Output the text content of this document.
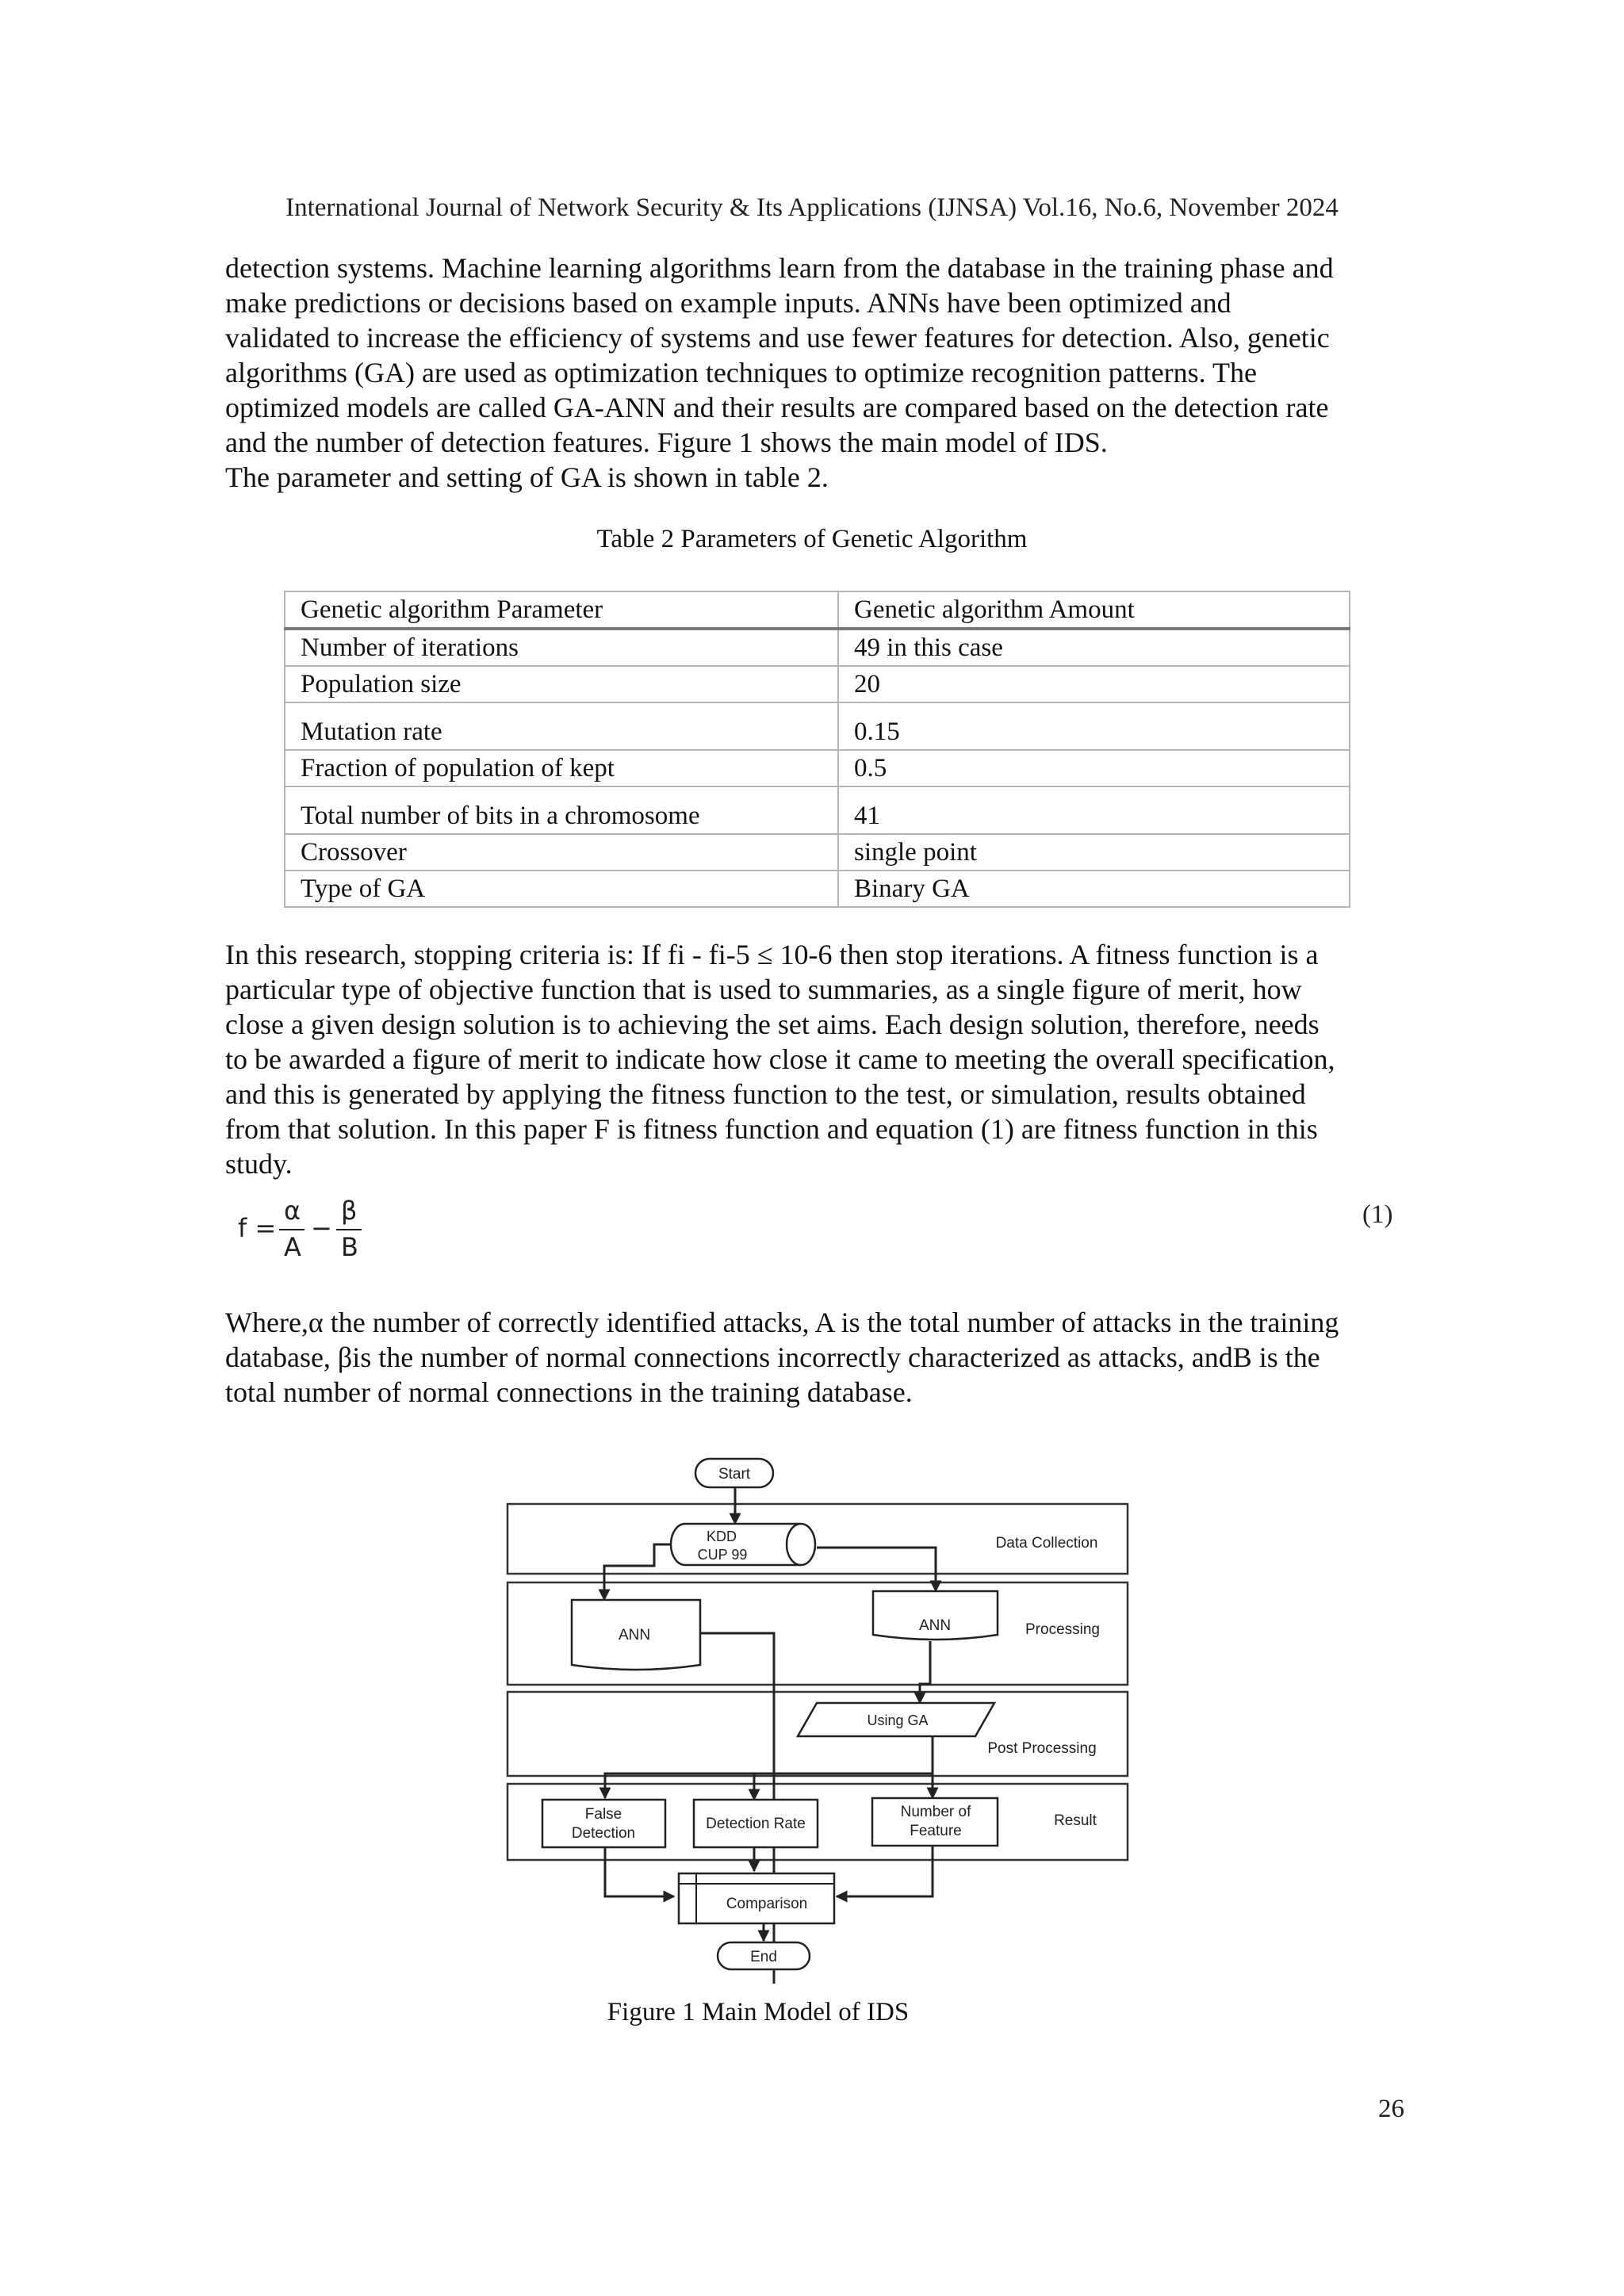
International Journal of Network Security & Its Applications (IJNSA) Vol.16, No.6, November 2024
detection systems. Machine learning algorithms learn from the database in the training phase and
make predictions or decisions based on example inputs. ANNs have been optimized and
validated to increase the efficiency of systems and use fewer features for detection. Also, genetic
algorithms (GA) are used as optimization techniques to optimize recognition patterns. The
optimized models are called GA-ANN and their results are compared based on the detection rate
and the number of detection features. Figure 1 shows the main model of IDS.
The parameter and setting of GA is shown in table 2.
Table 2 Parameters of Genetic Algorithm
Genetic algorithm Parameter	Genetic algorithm Amount
Number of iterations	49 in this case
Population size	20
Mutation rate	0.15
Fraction of population of kept	0.5
Total number of bits in a chromosome	41
Crossover	single point
Type of GA	Binary GA
In this research, stopping criteria is: If fi - fi-5 ≤ 10-6 then stop iterations. A fitness function is a
particular type of objective function that is used to summaries, as a single figure of merit, how
close a given design solution is to achieving the set aims. Each design solution, therefore, needs
to be awarded a figure of merit to indicate how close it came to meeting the overall specification,
and this is generated by applying the fitness function to the test, or simulation, results obtained
from that solution. In this paper F is fitness function and equation (1) are fitness function in this
study.
f =
α
A
−
β
B
(1)
Where,α the number of correctly identified attacks, A is the total number of attacks in the training
database, βis the number of normal connections incorrectly characterized as attacks, andB is the
total number of normal connections in the training database.
Start
KDD
CUP 99
Data Collection
ANN
ANN	Processing
Using GA
Post Processing
False
Detection
Detection Rate
Number of
Feature
Result
Comparison
End
Figure 1 Main Model of IDS
26
